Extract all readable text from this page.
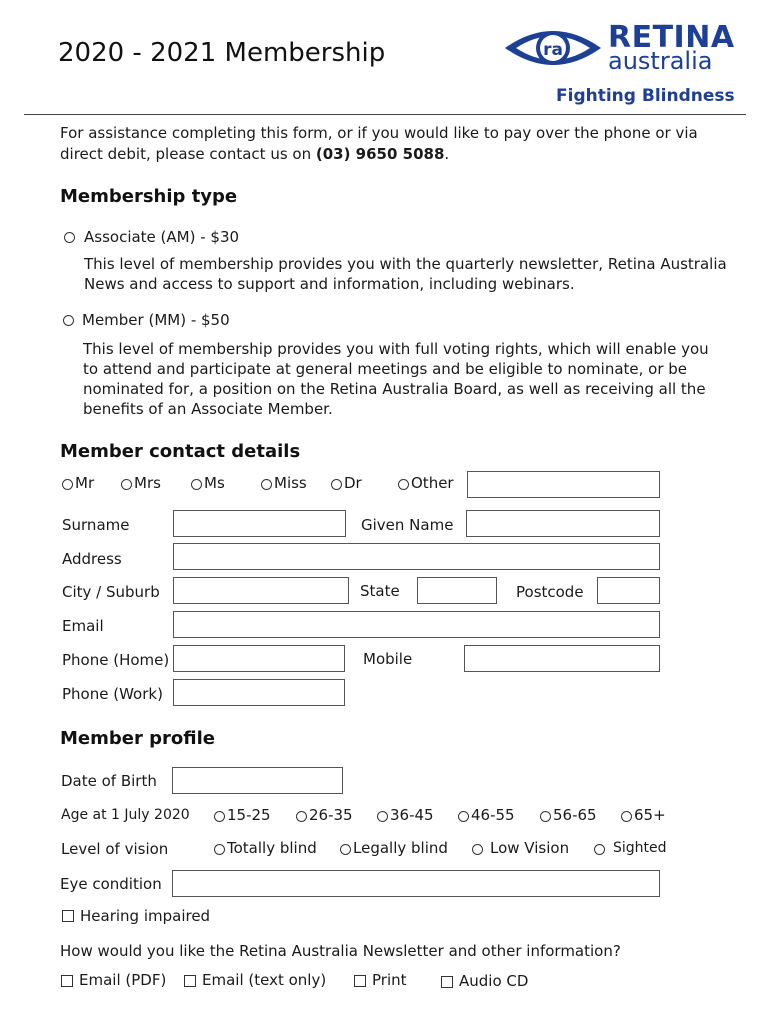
2020 - 2021 Membership	ra RETINA
australia
Fighting Blindness
For assistance completing this form, or if you would like to pay over the phone or via
direct debit, please contact us on (03) 9650 5088.
Membership type
Associate (AM) - $30
This level of membership provides you with the quarterly newsletter, Retina Australia
News and access to support and information, including webinars.
Member (MM) - $50
This level of membership provides you with full voting rights, which will enable you
to attend and participate at general meetings and be eligible to nominate, or be
nominated for, a position on the Retina Australia Board, as well as receiving all the
benefits of an Associate Member.
Member contact details
Mr	Mrs	Ms	Miss Dr	Other
Surname	Given Name
Address
City / Suburb	State	Postcode
Email
Phone (Home)	Mobile
Phone (Work)
Member profile
Date of Birth
Age at 1 July 2020 15-25	26-35 36-45 46-55	56-65 65+
Level of vision	Totally blind Legally blind	Low Vision	Sighted
Eye condition
Hearing impaired
How would you like the Retina Australia Newsletter and other information?
Email (PDF) Email (text only)	Print	Audio CD
